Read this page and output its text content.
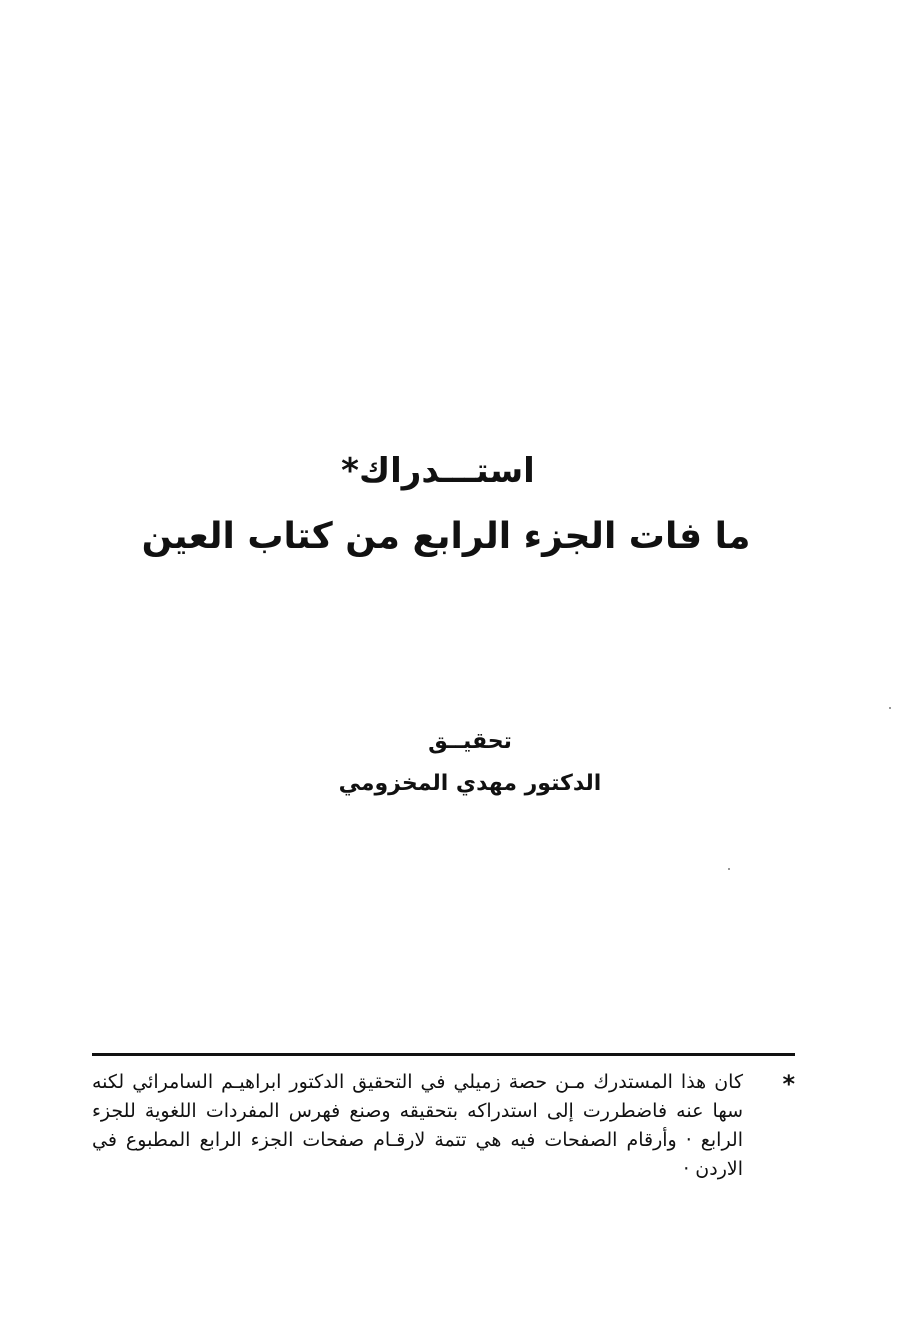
استـــدراك*
ما فات الجزء الرابع من كتاب العين
تحقيــق
الدكتور مهدي المخزومي
*
كان هذا المستدرك مـن حصة زميلي في التحقيق الدكتور ابراهيـم السامرائي لكنه سها عنه فاضطررت إلى استدراكه بتحقيقه وصنع فهرس المفردات اللغوية للجزء الرابع · وأرقام الصفحات فيه هي تتمة لارقـام صفحات الجزء الرابع المطبوع في الاردن ·
